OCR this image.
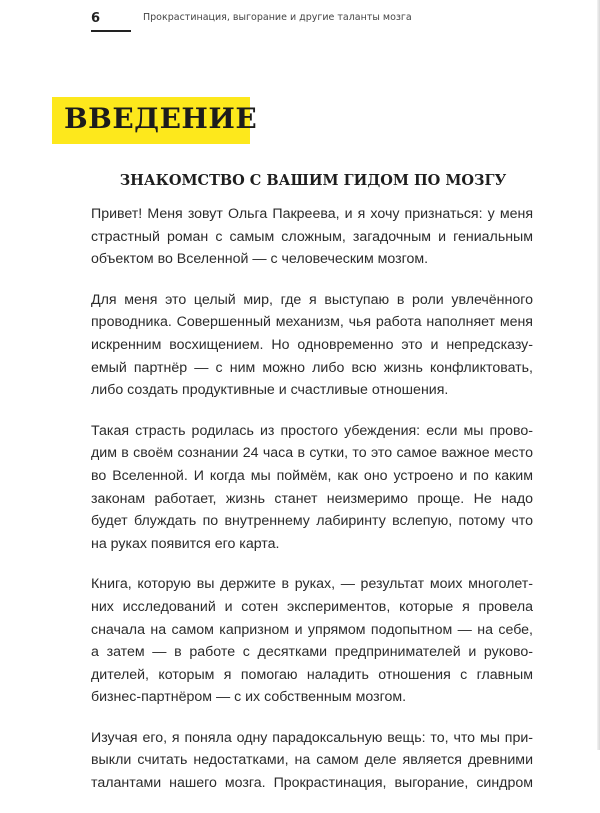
6	Прокрастинация, выгорание и другие таланты мозга
ВВЕДЕНИЕ
ЗНАКОМСТВО С ВАШИМ ГИДОМ ПО МОЗГУ

Привет! Меня зовут Ольга Пакреева, и я хочу признаться: у меня
страстный роман с самым сложным, загадочным и гениальным
объектом во Вселенной — с человеческим мозгом.

Для меня это целый мир, где я выступаю в роли увлечённого
проводника. Совершенный механизм, чья работа наполняет меня
искренним восхищением. Но одновременно это и непредсказу-
емый партнёр — с ним можно либо всю жизнь конфликтовать,
либо создать продуктивные и счастливые отношения.

Такая страсть родилась из простого убеждения: если мы прово-
дим в своём сознании 24 часа в сутки, то это самое важное место
во Вселенной. И когда мы поймём, как оно устроено и по каким
законам работает, жизнь станет неизмеримо проще. Не надо
будет блуждать по внутреннему лабиринту вслепую, потому что
на руках появится его карта.

Книга, которую вы держите в руках, — результат моих многолет-
них исследований и сотен экспериментов, которые я провела
сначала на самом капризном и упрямом подопытном — на себе,
а затем — в работе с десятками предпринимателей и руково-
дителей, которым я помогаю наладить отношения с главным
бизнес-партнёром — с их собственным мозгом.

Изучая его, я поняла одну парадоксальную вещь: то, что мы при-
выкли считать недостатками, на самом деле является древними
талантами нашего мозга. Прокрастинация, выгорание, синдром
